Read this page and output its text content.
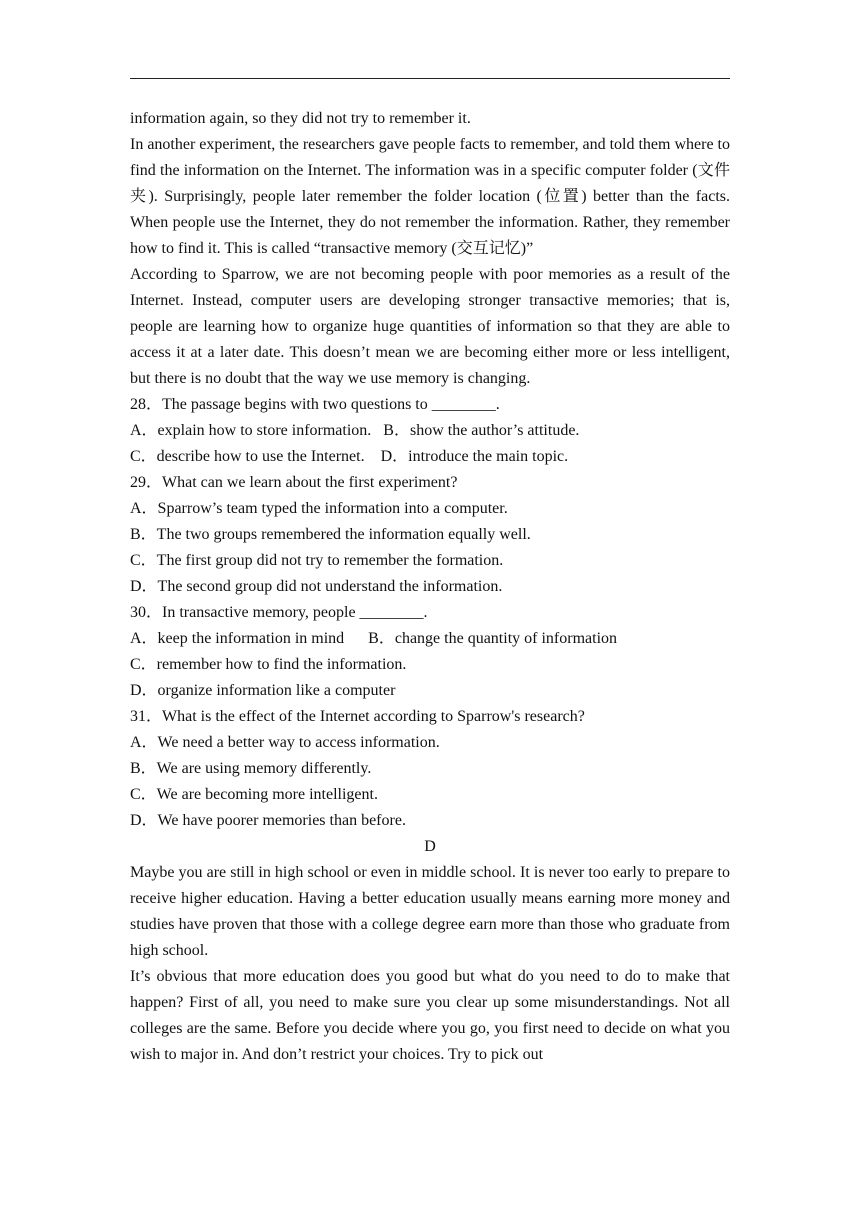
information again, so they did not try to remember it.

In another experiment, the researchers gave people facts to remember, and told them where to find the information on the Internet. The information was in a specific computer folder (文件夹). Surprisingly, people later remember the folder location (位置) better than the facts. When people use the Internet, they do not remember the information. Rather, they remember how to find it. This is called “transactive memory (交互记忆)”

According to Sparrow, we are not becoming people with poor memories as a result of the Internet. Instead, computer users are developing stronger transactive memories; that is, people are learning how to organize huge quantities of information so that they are able to access it at a later date. This doesn’t mean we are becoming either more or less intelligent, but there is no doubt that the way we use memory is changing.

28．The passage begins with two questions to ________.

A．explain how to store information.   B．show the author’s attitude.

C．describe how to use the Internet.    D．introduce the main topic.

29．What can we learn about the first experiment?

A．Sparrow’s team typed the information into a computer.

B．The two groups remembered the information equally well.

C．The first group did not try to remember the formation.

D．The second group did not understand the information.

30．In transactive memory, people ________.

A．keep the information in mind      B．change the quantity of information

C．remember how to find the information.

D．organize information like a computer

31．What is the effect of the Internet according to Sparrow's research?

A．We need a better way to access information.

B．We are using memory differently.

C．We are becoming more intelligent.

D．We have poorer memories than before.

D

Maybe you are still in high school or even in middle school. It is never too early to prepare to receive higher education. Having a better education usually means earning more money and studies have proven that those with a college degree earn more than those who graduate from high school.

It’s obvious that more education does you good but what do you need to do to make that happen? First of all, you need to make sure you clear up some misunderstandings. Not all colleges are the same. Before you decide where you go, you first need to decide on what you wish to major in. And don’t restrict your choices. Try to pick out
